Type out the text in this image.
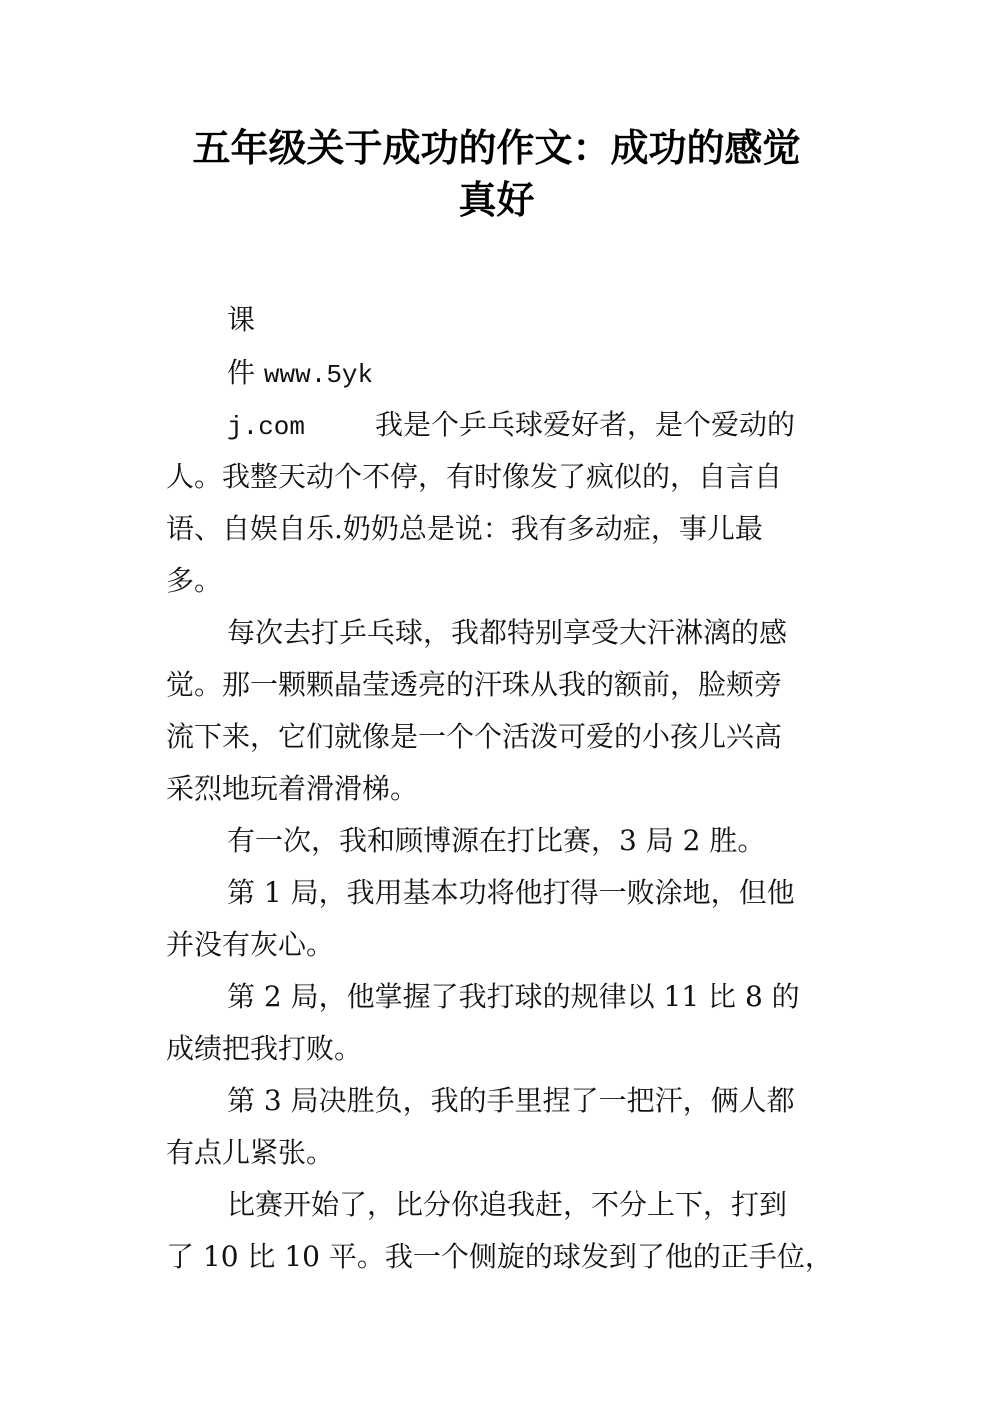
五年级关于成功的作文：成功的感觉
真好
课
件 www.5yk
j.com	我是个乒乓球爱好者，是个爱动的
人。我整天动个不停，有时像发了疯似的，自言自
语、自娱自乐.奶奶总是说：我有多动症，事儿最
多。
每次去打乒乓球，我都特别享受大汗淋漓的感
觉。那一颗颗晶莹透亮的汗珠从我的额前，脸颊旁
流下来，它们就像是一个个活泼可爱的小孩儿兴高
采烈地玩着滑滑梯。
有一次，我和顾博源在打比赛，3 局 2 胜。
第 1 局，我用基本功将他打得一败涂地，但他
并没有灰心。
第 2 局，他掌握了我打球的规律以 11 比 8 的
成绩把我打败。
第 3 局决胜负，我的手里捏了一把汗，俩人都
有点儿紧张。
比赛开始了，比分你追我赶，不分上下，打到
了 10 比 10 平。我一个侧旋的球发到了他的正手位，
